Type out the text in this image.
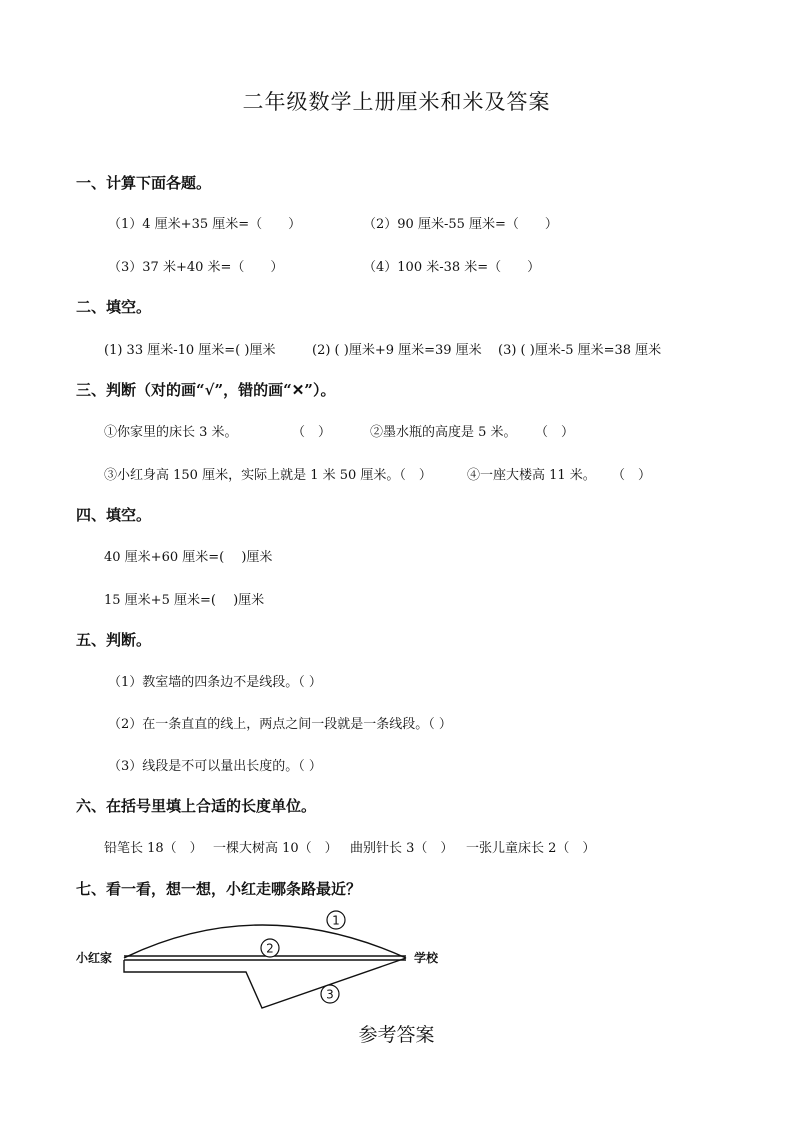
二年级数学上册厘米和米及答案
一、计算下面各题。
（1）4 厘米+35 厘米=（　　）	（2）90 厘米-55 厘米=（　　）
（3）37 米+40 米=（　　）	（4）100 米-38 米=（　　）
二、填空。
(1) 33 厘米-10 厘米=( )厘米	(2) ( )厘米+9 厘米=39 厘米 (3) ( )厘米-5 厘米=38 厘米
三、判断（对的画“√”，错的画“✕”）。
①你家里的床长 3 米。	（　）	②墨水瓶的高度是 5 米。 （　）
③小红身高 150 厘米，实际上就是 1 米 50 厘米。（　）	④一座大楼高 11 米。 （　）
四、填空。
40 厘米+60 厘米=(　 )厘米
15 厘米+5 厘米=(　 )厘米
五、判断。
（1）教室墙的四条边不是线段。（ ）
（2）在一条直直的线上，两点之间一段就是一条线段。（ ）
（3）线段是不可以量出长度的。（ ）
六、在括号里填上合适的长度单位。
铅笔长 18（　） 一棵大树高 10（　） 曲别针长 3（　） 一张儿童床长 2（　）
七、看一看，想一想，小红走哪条路最近？
小红家	学校
1
2
3
参考答案
